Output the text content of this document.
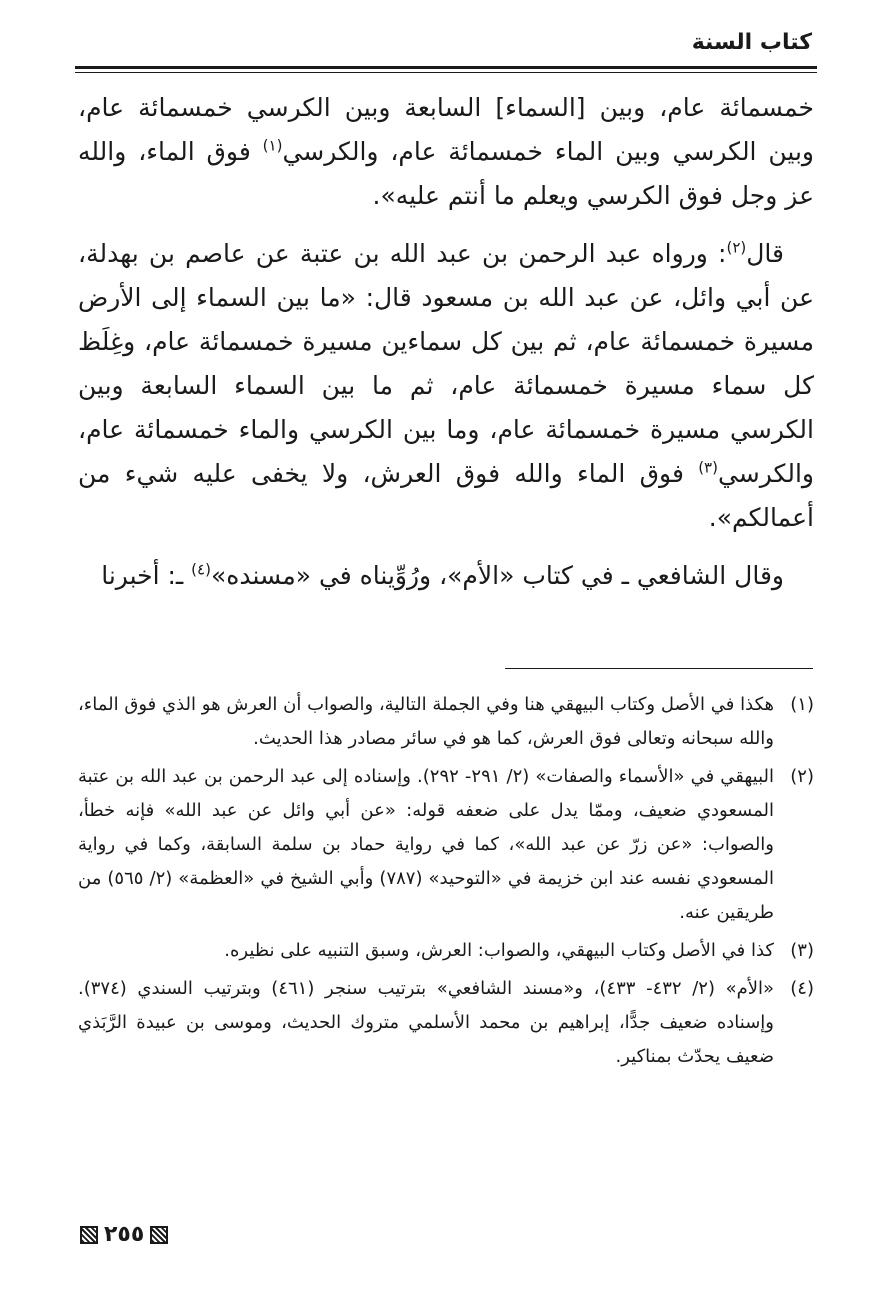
كتاب السنة

خمسمائة عام، وبين [السماء] السابعة وبين الكرسي خمسمائة عام، وبين الكرسي وبين الماء خمسمائة عام، والكرسي$^{(١)}$ فوق الماء، والله عز وجل فوق الكرسي ويعلم ما أنتم عليه».

قال$^{(٢)}$: ورواه عبد الرحمن بن عبد الله بن عتبة عن عاصم بن بهدلة، عن أبي وائل، عن عبد الله بن مسعود قال: «ما بين السماء إلى الأرض مسيرة خمسمائة عام، ثم بين كل سماءين مسيرة خمسمائة عام، وغِلَظ كل سماء مسيرة خمسمائة عام، ثم ما بين السماء السابعة وبين الكرسي مسيرة خمسمائة عام، وما بين الكرسي والماء خمسمائة عام، والكرسي$^{(٣)}$ فوق الماء والله فوق العرش، ولا يخفى عليه شيء من أعمالكم».

وقال الشافعي ـ في كتاب «الأم»، ورُوِّيناه في «مسنده»$^{(٤)}$ ـ: أخبرنا

(١)
هكذا في الأصل وكتاب البيهقي هنا وفي الجملة التالية، والصواب أن العرش هو الذي فوق الماء، والله سبحانه وتعالى فوق العرش، كما هو في سائر مصادر هذا الحديث.
(٢)
البيهقي في «الأسماء والصفات» (٢/ ٢٩١- ٢٩٢). وإسناده إلى عبد الرحمن بن عبد الله بن عتبة المسعودي ضعيف، وممّا يدل على ضعفه قوله: «عن أبي وائل عن عبد الله» فإنه خطأ، والصواب: «عن زرّ عن عبد الله»، كما في رواية حماد بن سلمة السابقة، وكما في رواية المسعودي نفسه عند ابن خزيمة في «التوحيد» (٧٨٧) وأبي الشيخ في «العظمة» (٢/ ٥٦٥) من طريقين عنه.
(٣)
كذا في الأصل وكتاب البيهقي، والصواب: العرش، وسبق التنبيه على نظيره.
(٤)
«الأم» (٢/ ٤٣٢- ٤٣٣)، و«مسند الشافعي» بترتيب سنجر (٤٦١) وبترتيب السندي (٣٧٤). وإسناده ضعيف جدًّا، إبراهيم بن محمد الأسلمي متروك الحديث، وموسى بن عبيدة الرَّبَذي ضعيف يحدّث بمناكير.
٢٥٥
